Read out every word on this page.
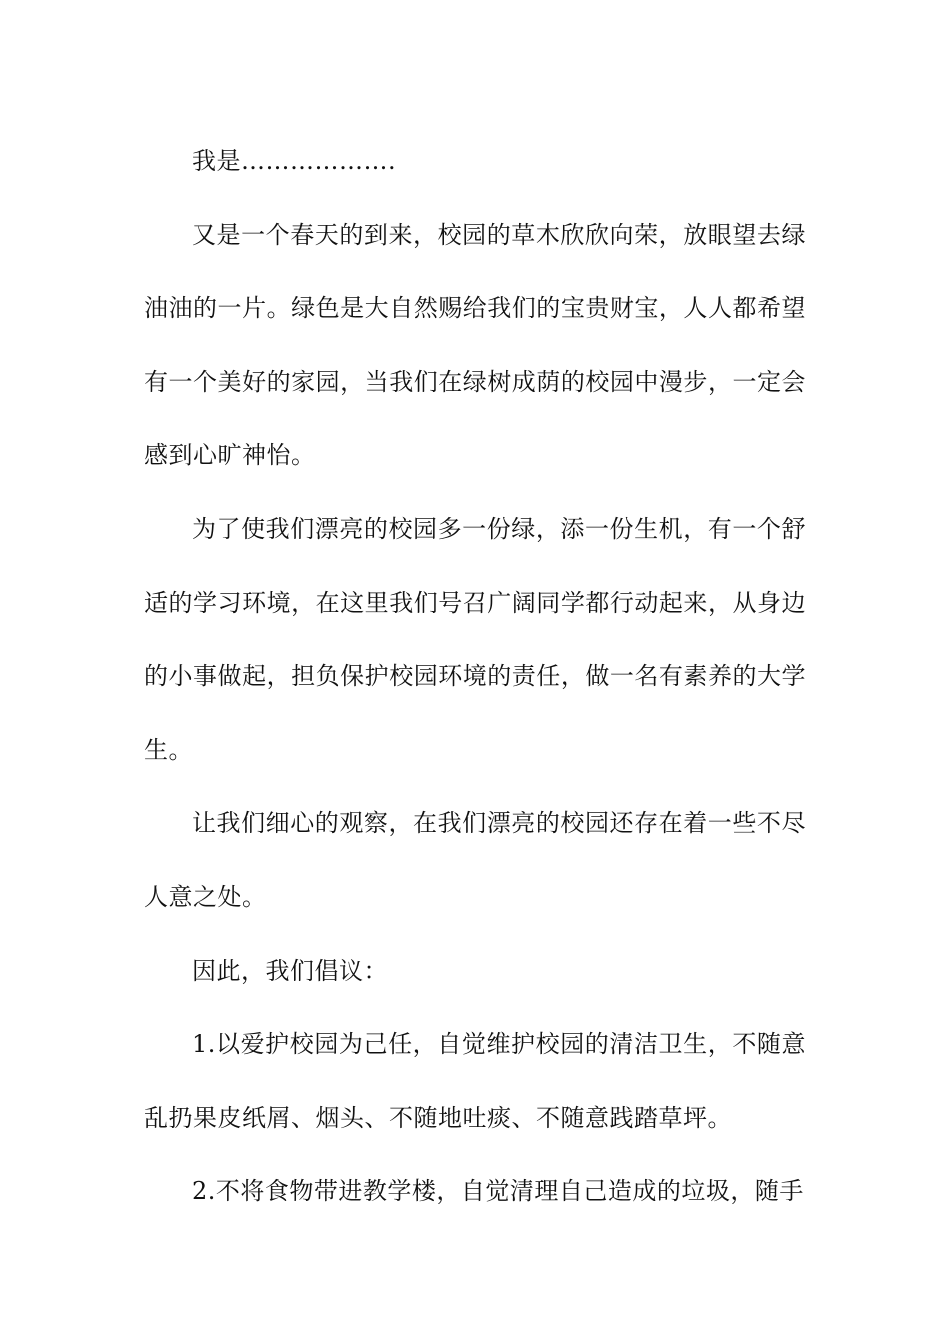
我是……………….

又是一个春天的到来，校园的草木欣欣向荣，放眼望去绿油油的一片。绿色是大自然赐给我们的宝贵财宝，人人都希望有一个美好的家园，当我们在绿树成荫的校园中漫步，一定会感到心旷神怡。

为了使我们漂亮的校园多一份绿，添一份生机，有一个舒适的学习环境，在这里我们号召广阔同学都行动起来，从身边的小事做起，担负保护校园环境的责任，做一名有素养的大学生。

让我们细心的观察，在我们漂亮的校园还存在着一些不尽人意之处。

因此，我们倡议：

1.以爱护校园为己任，自觉维护校园的清洁卫生，不随意乱扔果皮纸屑、烟头、不随地吐痰、不随意践踏草坪。

2.不将食物带进教学楼，自觉清理自己造成的垃圾，随手
